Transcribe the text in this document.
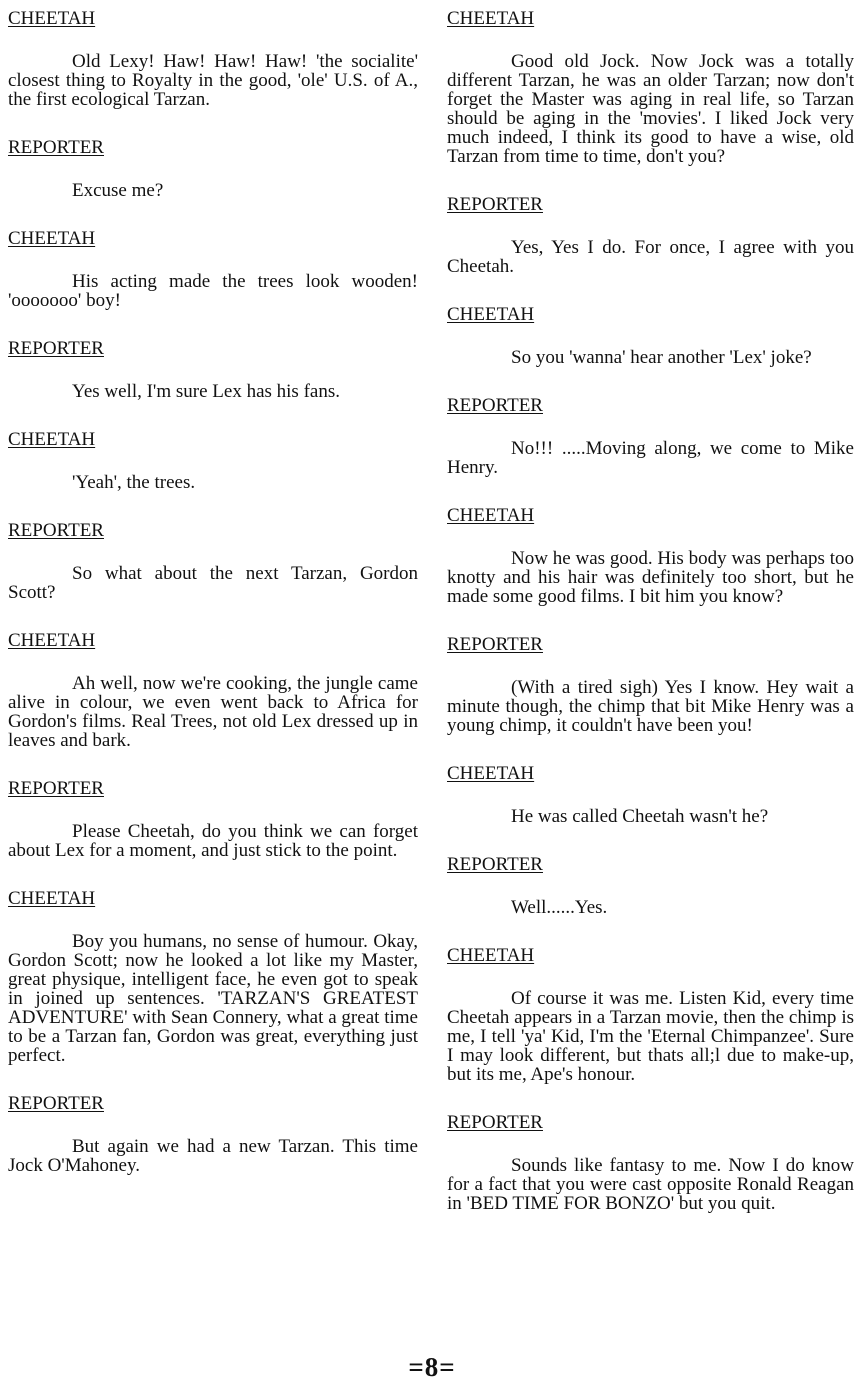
CHEETAH

Old Lexy! Haw! Haw! Haw! 'the socialite' closest thing to Royalty in the good, 'ole' U.S. of A., the first ecological Tarzan.

REPORTER

Excuse me?

CHEETAH

His acting made the trees look wooden! 'ooooooo' boy!

REPORTER

Yes well, I'm sure Lex has his fans.

CHEETAH

'Yeah', the trees.

REPORTER

So what about the next Tarzan, Gordon Scott?

CHEETAH

Ah well, now we're cooking, the jungle came alive in colour, we even went back to Africa for Gordon's films. Real Trees, not old Lex dressed up in leaves and bark.

REPORTER

Please Cheetah, do you think we can forget about Lex for a moment, and just stick to the point.

CHEETAH

Boy you humans, no sense of humour. Okay, Gordon Scott; now he looked a lot like my Master, great physique, intelligent face, he even got to speak in joined up sentences. 'TARZAN'S GREATEST ADVENTURE' with Sean Connery, what a great time to be a Tarzan fan, Gordon was great, everything just perfect.

REPORTER

But again we had a new Tarzan. This time Jock O'Mahoney.

CHEETAH

Good old Jock. Now Jock was a totally different Tarzan, he was an older Tarzan; now don't forget the Master was aging in real life, so Tarzan should be aging in the 'movies'. I liked Jock very much indeed, I think its good to have a wise, old Tarzan from time to time, don't you?

REPORTER

Yes, Yes I do. For once, I agree with you Cheetah.

CHEETAH

So you 'wanna' hear another 'Lex' joke?

REPORTER

No!!! .....Moving along, we come to Mike Henry.

CHEETAH

Now he was good. His body was perhaps too knotty and his hair was definitely too short, but he made some good films. I bit him you know?

REPORTER

(With a tired sigh) Yes I know. Hey wait a minute though, the chimp that bit Mike Henry was a young chimp, it couldn't have been you!

CHEETAH

He was called Cheetah wasn't he?

REPORTER

Well......Yes.

CHEETAH

Of course it was me. Listen Kid, every time Cheetah appears in a Tarzan movie, then the chimp is me, I tell 'ya' Kid, I'm the 'Eternal Chimpanzee'. Sure I may look different, but thats all;l due to make-up, but its me, Ape's honour.

REPORTER

Sounds like fantasy to me. Now I do know for a fact that you were cast opposite Ronald Reagan in 'BED TIME FOR BONZO' but you quit.

=8=
